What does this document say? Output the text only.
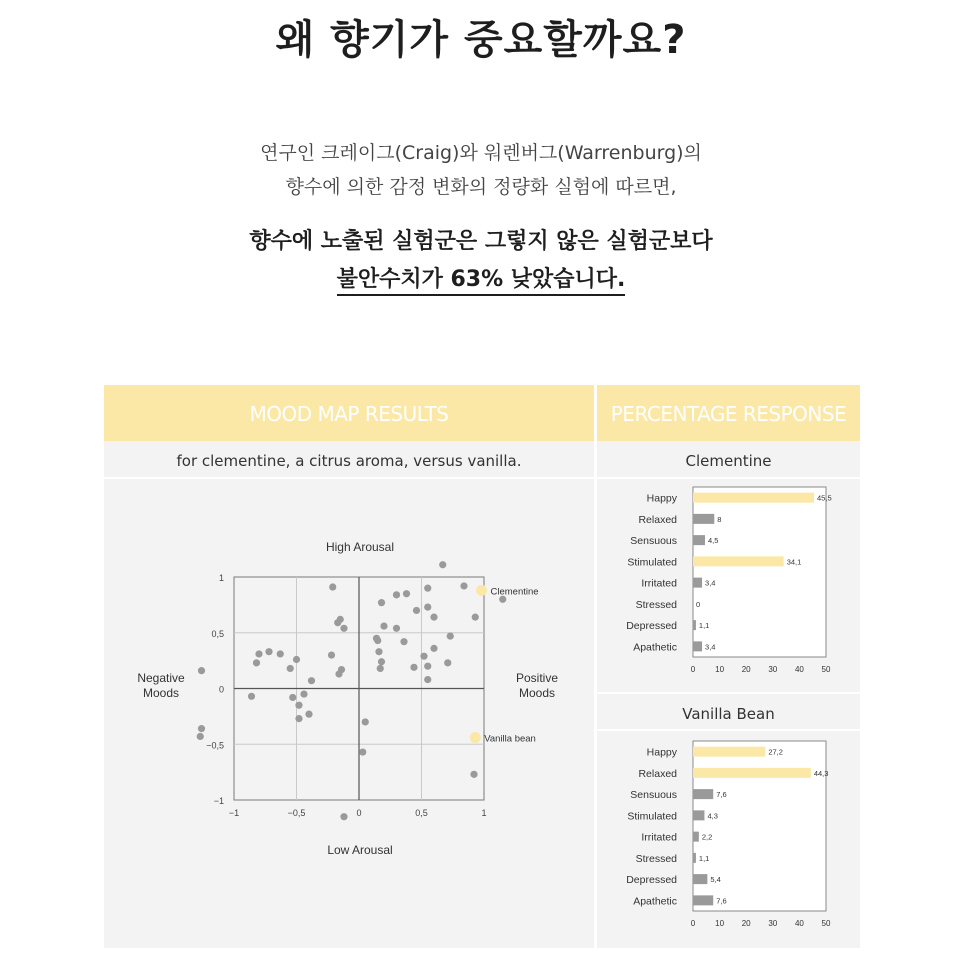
왜 향기가 중요할까요?
연구인 크레이그(Craig)와 워렌버그(Warrenburg)의
향수에 의한 감정 변화의 정량화 실험에 따르면,
향수에 노출된 실험군은 그렇지 않은 실험군보다
불안수치가 63% 낮았습니다.
MOOD MAP RESULTS	PERCENTAGE RESPONSE
for clementine, a citrus aroma, versus vanilla.	Clementine
Vanilla Bean
−1	−0,5	0	0,5	1
1
0,5
0
−0,5
−1
High Arousal
Low Arousal
Negative
Moods
Positive
Moods
Clementine
Vanilla bean
Happy	45,5
Relaxed	8
Sensuous	4,5
Stimulated	34,1
Irritated	3,4
Stressed	0
Depressed	1,1
Apathetic	3,4
0 10 20 30 40 50
Happy	27,2
Relaxed	44,3
Sensuous	7,6
Stimulated	4,3
Irritated	2,2
Stressed	1,1
Depressed	5,4
Apathetic	7,6
0 10 20 30 40 50
